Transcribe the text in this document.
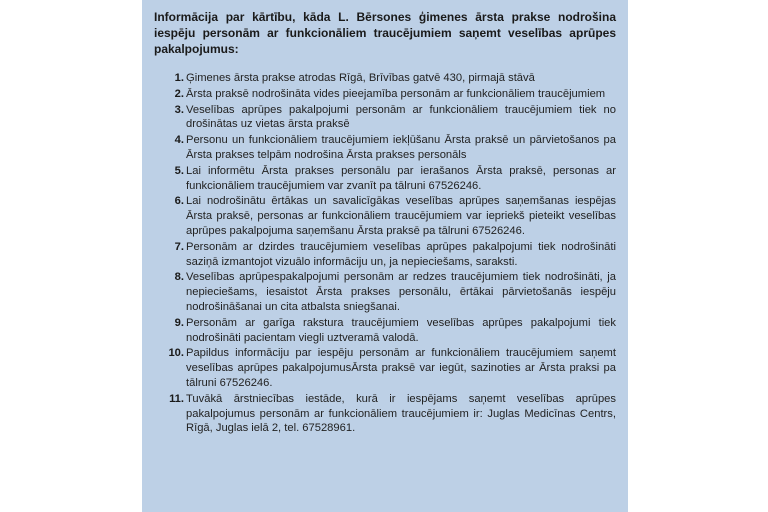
Informācija par kārtību, kāda L. Bērsones ģimenes ārsta prakse nodrošina iespēju personām ar funkcionāliem traucējumiem saņemt veselības aprūpes pakalpojumus:
1 . Ģimenes ārsta prakse atrodas Rīgā, Brīvības gatvē 430, pirmajā stāvā
2 . Ārsta praksē nodrošināta vides pieejamība personām ar funkcionāliem traucējumiem
3 . Veselības aprūpes pakalpojumi personām ar funkcionāliem traucējumiem tiek no drošinātas uz vietas ārsta praksē
4 . Personu un funkcionāliem traucējumiem iekļūšanu Ārsta praksē un pārvietošanos pa Ārsta prakses telpām nodrošina Ārsta prakses personāls
5 . Lai informētu Ārsta prakses personālu par ierašanos Ārsta praksē, personas ar funkcionāliem traucējumiem var zvanīt pa tālruni 67526246.
6 . Lai nodrošinātu ērtākas un savalicīgākas veselības aprūpes saņemšanas iespējas Ārsta praksē, personas ar funkcionāliem traucējumiem var iepriekš pieteikt veselības aprūpes pakalpojuma saņemšanu Ārsta praksē pa tālruni 67526246.
7 . Personām ar dzirdes traucējumiem veselības aprūpes pakalpojumi tiek nodrošināti saziņā izmantojot vizuālo informāciju un, ja nepieciešams, saraksti.
8 . Veselības aprūpespakalpojumi personām ar redzes traucējumiem tiek nodrošināti, ja nepieciešams, iesaistot Ārsta prakses personālu, ērtākai pārvietošanās iespēju nodrošināšanai un cita atbalsta sniegšanai.
9 . Personām ar garīga rakstura traucējumiem veselības aprūpes pakalpojumi tiek nodrošināti pacientam viegli uztveramā valodā.
10 . Papildus informāciju par iespēju personām ar funkcionāliem traucējumiem saņemt veselības aprūpes pakalpojumusĀrsta praksē var iegūt, sazinoties ar Ārsta praksi pa tālruni 67526246.
11 . Tuvākā ārstniecības iestāde, kurā ir iespējams saņemt veselības aprūpes pakalpojumus personām ar funkcionāliem traucējumiem ir: Juglas Medicīnas Centrs, Rīgā, Juglas ielā 2, tel. 67528961.
